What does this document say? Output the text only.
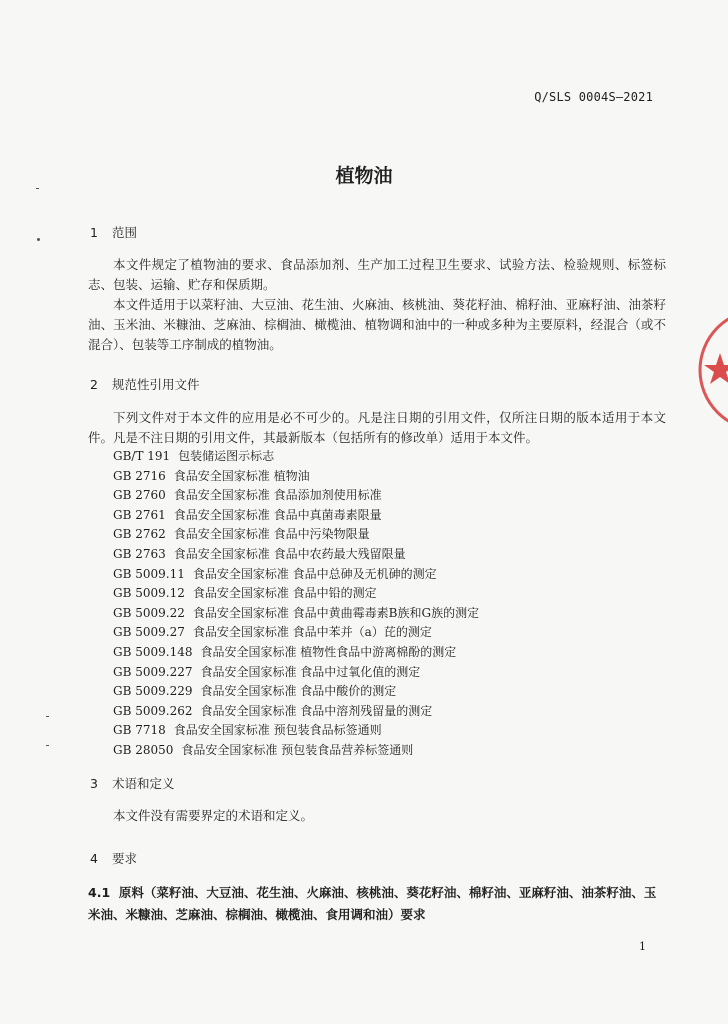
Q/SLS 0004S—2021
植物油
1 范围

本文件规定了植物油的要求、食品添加剂、生产加工过程卫生要求、试验方法、检验规则、标签标志、包装、运输、贮存和保质期。

本文件适用于以菜籽油、大豆油、花生油、火麻油、核桃油、葵花籽油、棉籽油、亚麻籽油、油茶籽油、玉米油、米糠油、芝麻油、棕榈油、橄榄油、植物调和油中的一种或多种为主要原料，经混合（或不混合）、包装等工序制成的植物油。

2 规范性引用文件

下列文件对于本文件的应用是必不可少的。凡是注日期的引用文件，仅所注日期的版本适用于本文件。凡是不注日期的引用文件，其最新版本（包括所有的修改单）适用于本文件。

GB/T 191 包装储运图示标志
GB 2716 食品安全国家标准 植物油
GB 2760 食品安全国家标准 食品添加剂使用标准
GB 2761 食品安全国家标准 食品中真菌毒素限量
GB 2762 食品安全国家标准 食品中污染物限量
GB 2763 食品安全国家标准 食品中农药最大残留限量
GB 5009.11 食品安全国家标准 食品中总砷及无机砷的测定
GB 5009.12 食品安全国家标准 食品中铅的测定
GB 5009.22 食品安全国家标准 食品中黄曲霉毒素B族和G族的测定
GB 5009.27 食品安全国家标准 食品中苯并（a）芘的测定
GB 5009.148 食品安全国家标准 植物性食品中游离棉酚的测定
GB 5009.227 食品安全国家标准 食品中过氧化值的测定
GB 5009.229 食品安全国家标准 食品中酸价的测定
GB 5009.262 食品安全国家标准 食品中溶剂残留量的测定
GB 7718 食品安全国家标准 预包装食品标签通则
GB 28050 食品安全国家标准 预包装食品营养标签通则
3 术语和定义

本文件没有需要界定的术语和定义。

4 要求
4.1 原料（菜籽油、大豆油、花生油、火麻油、核桃油、葵花籽油、棉籽油、亚麻籽油、油茶籽油、玉米油、米糠油、芝麻油、棕榈油、橄榄油、食用调和油）要求
1
